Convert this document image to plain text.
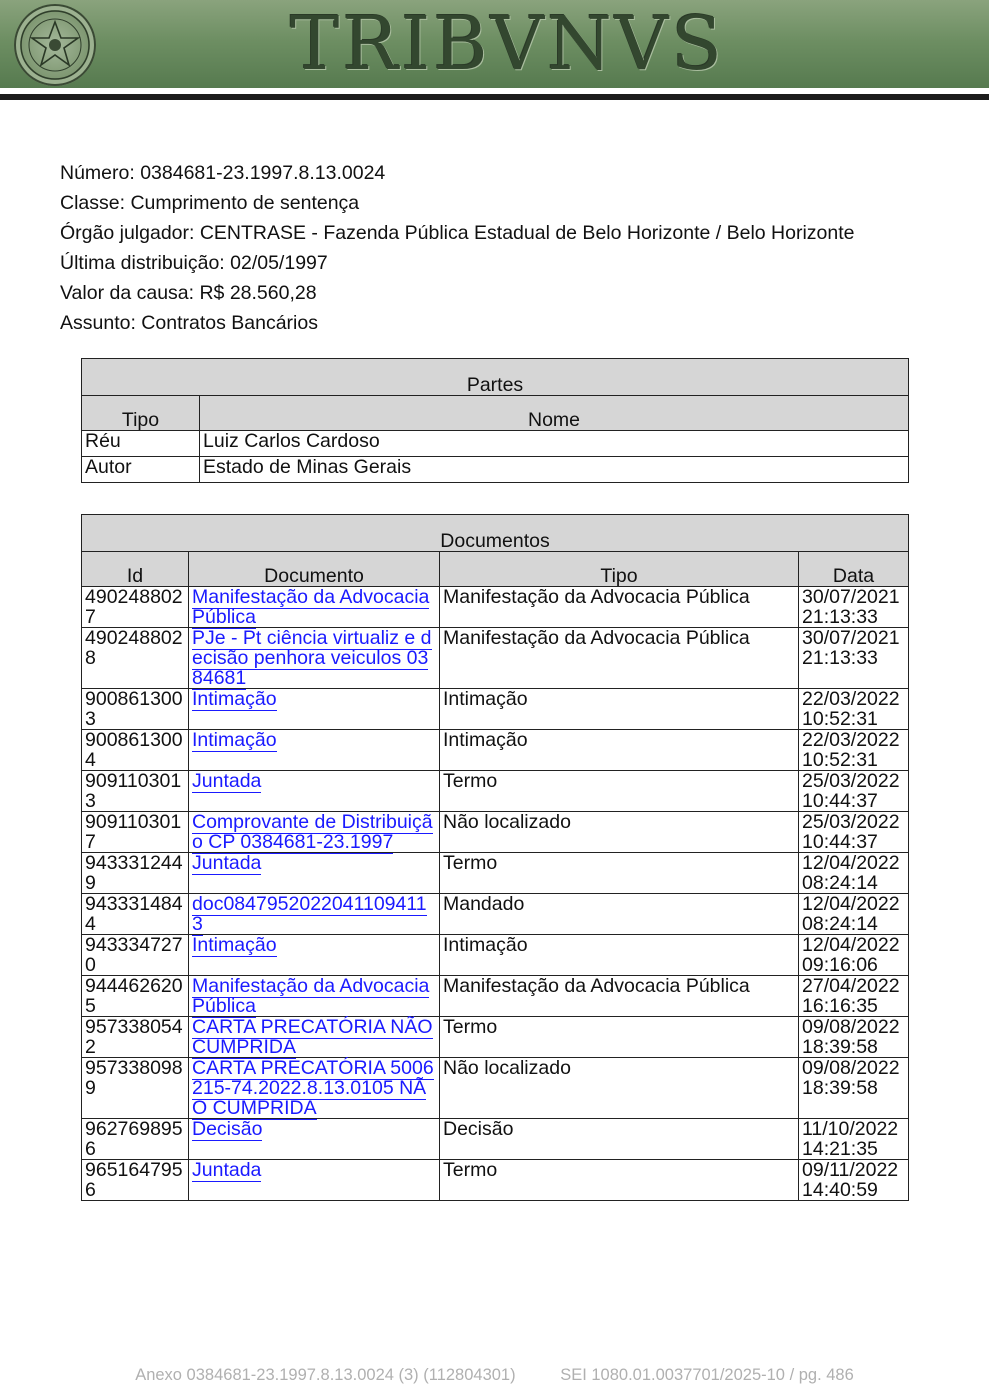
TRIBVNVS
Número: 0384681-23.1997.8.13.0024
Classe: Cumprimento de sentença
Órgão julgador: CENTRASE - Fazenda Pública Estadual de Belo Horizonte / Belo Horizonte
Última distribuição: 02/05/1997
Valor da causa: R$ 28.560,28
Assunto: Contratos Bancários
Partes	
Tipo	Nome
Réu	Luiz Carlos Cardoso
Autor	Estado de Minas Gerais
Documentos			
Id	Documento	Tipo	Data
4902488027	Manifestação da Advocacia Pública	Manifestação da Advocacia Pública	30/07/2021 21:13:33
4902488028	PJe - Pt ciência virtualiz e decisão penhora veiculos 0384681	Manifestação da Advocacia Pública	30/07/2021 21:13:33
9008613003	Intimação	Intimação	22/03/2022 10:52:31
9008613004	Intimação	Intimação	22/03/2022 10:52:31
9091103013	Juntada	Termo	25/03/2022 10:44:37
9091103017	Comprovante de Distribuição CP 0384681-23.1997	Não localizado	25/03/2022 10:44:37
9433312449	Juntada	Termo	12/04/2022 08:24:14
9433314844	doc08479520220411094113	Mandado	12/04/2022 08:24:14
9433347270	Intimação	Intimação	12/04/2022 09:16:06
9444626205	Manifestação da Advocacia Pública	Manifestação da Advocacia Pública	27/04/2022 16:16:35
9573380542	CARTA PRECATÓRIA NÃO CUMPRIDA	Termo	09/08/2022 18:39:58
9573380989	CARTA PRECATÓRIA 5006215-74.2022.8.13.0105 NÃO CUMPRIDA	Não localizado	09/08/2022 18:39:58
9627698956	Decisão	Decisão	11/10/2022 14:21:35
9651647956	Juntada	Termo	09/11/2022 14:40:59
Anexo 0384681-23.1997.8.13.0024 (3) (112804301)	SEI 1080.01.0037701/2025-10 / pg. 486
